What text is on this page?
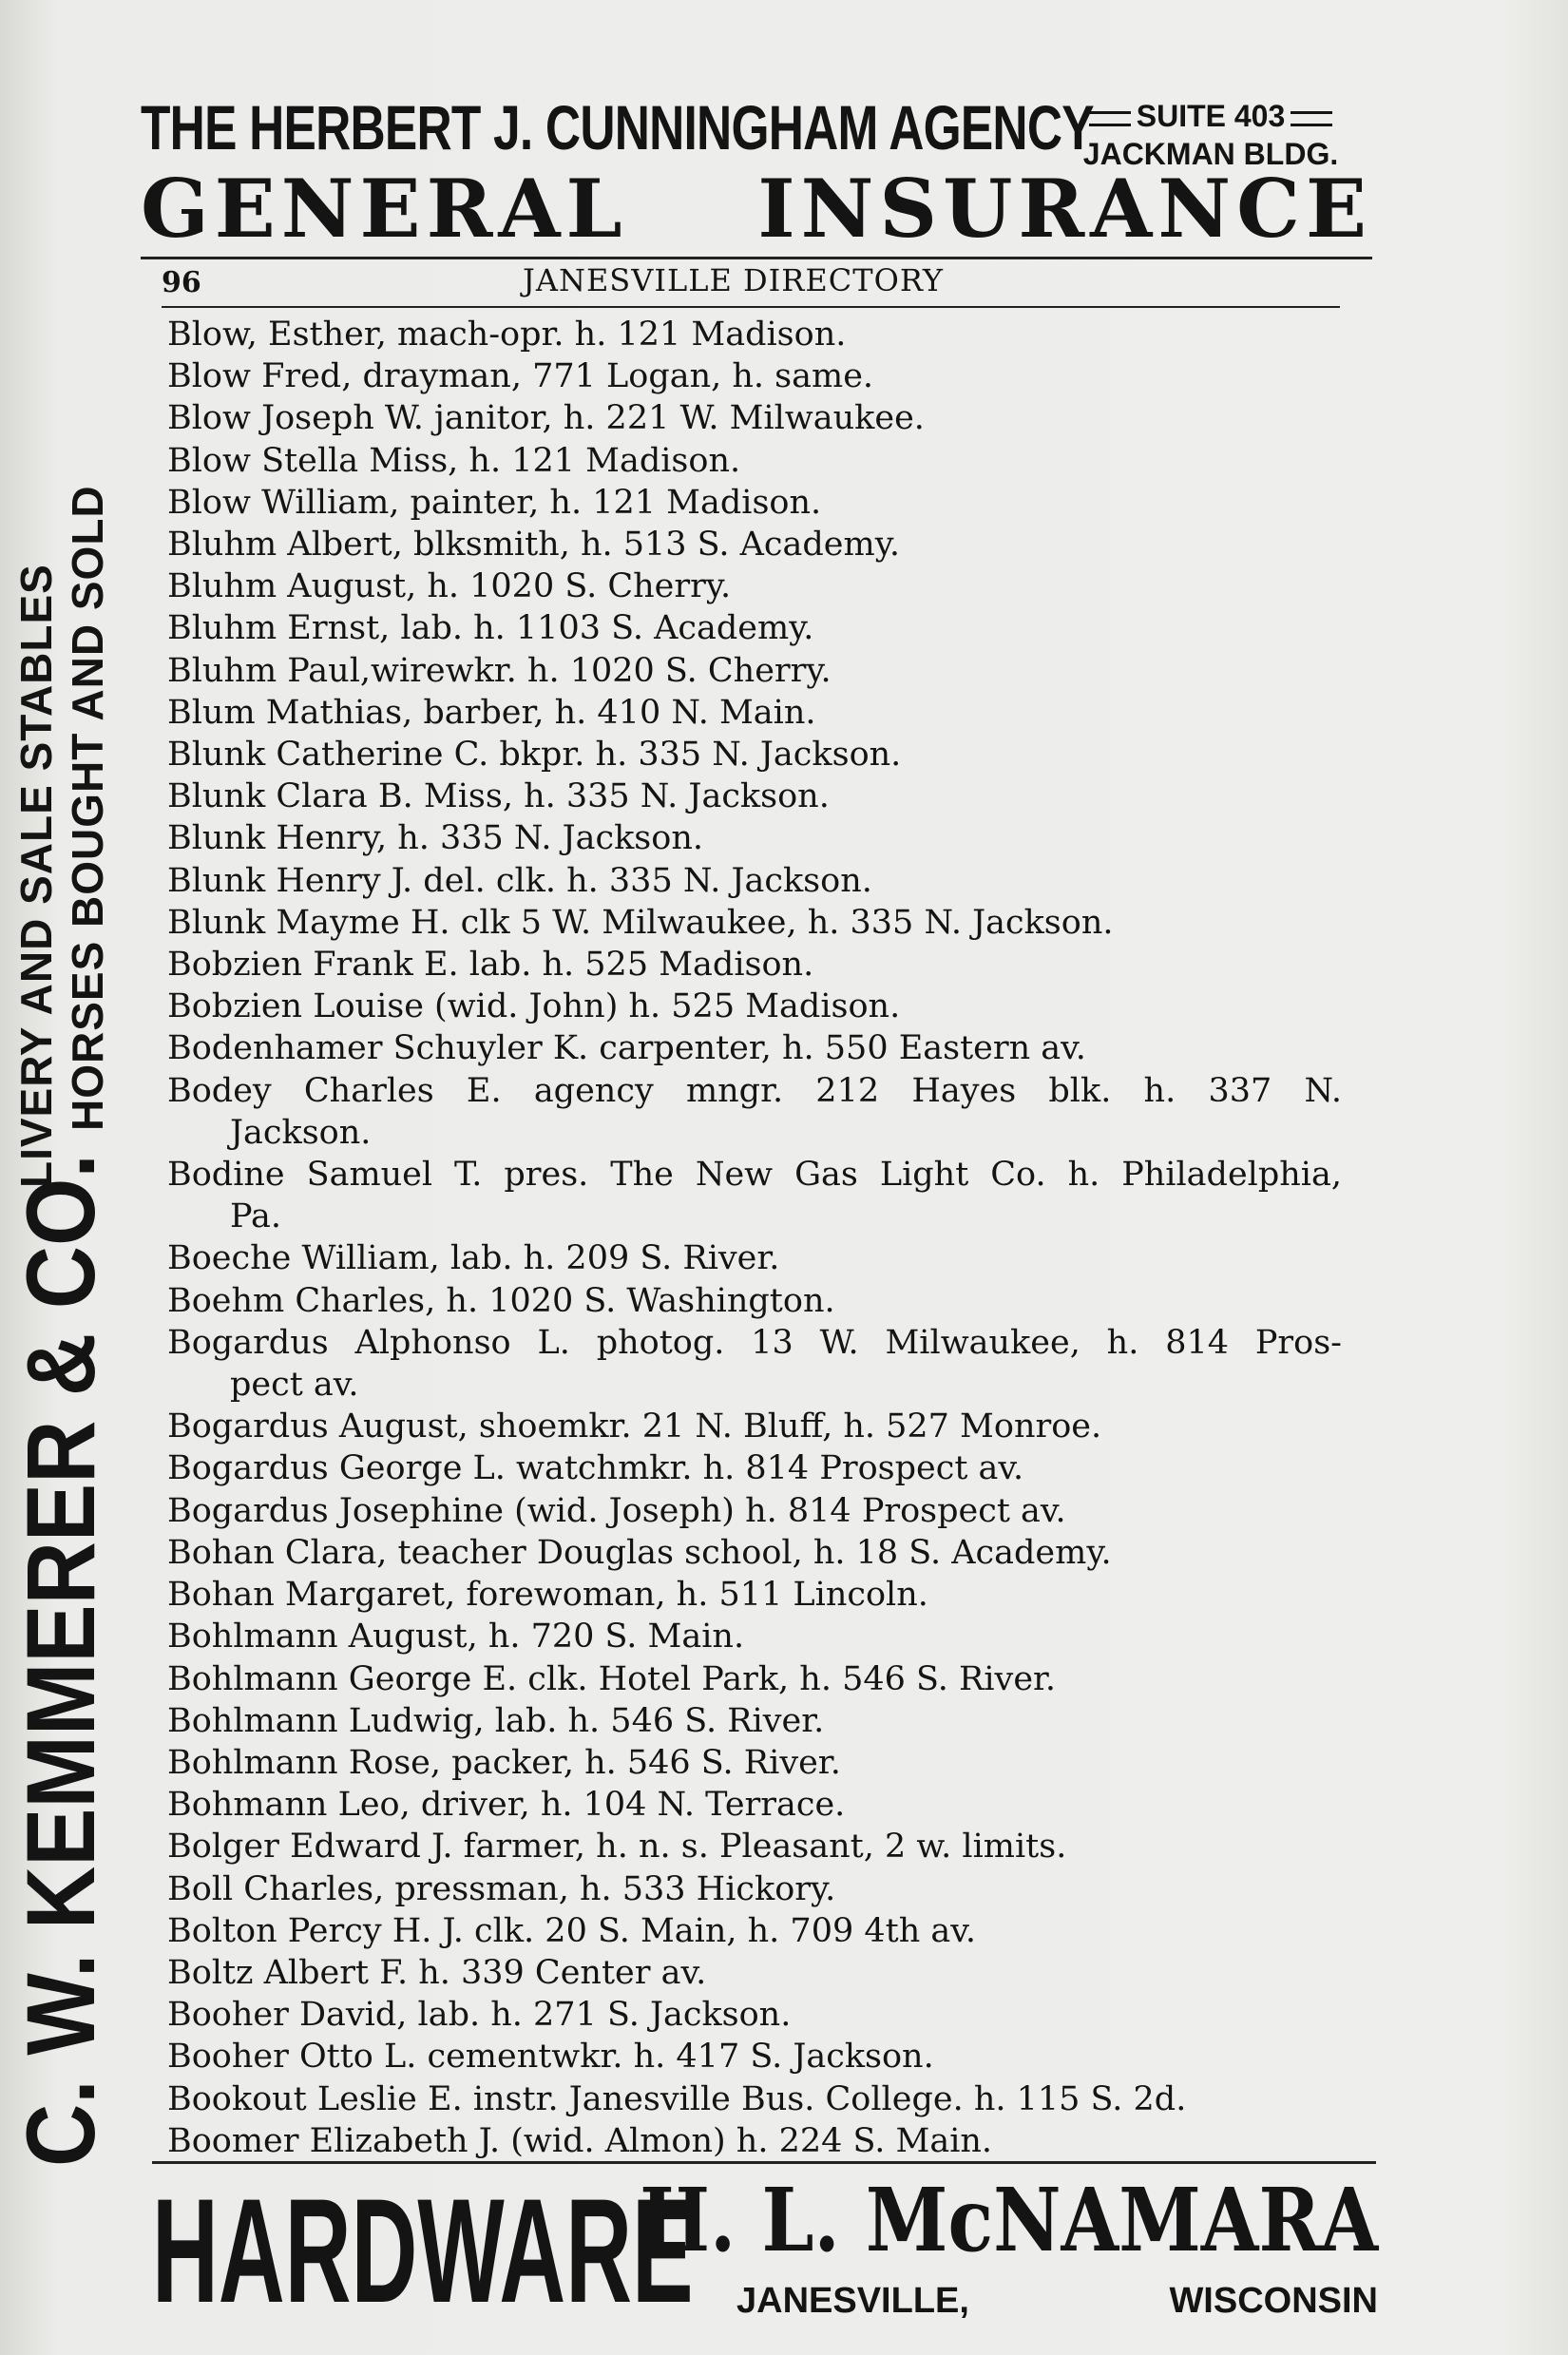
THE HERBERT J. CUNNINGHAM AGENCY	SUITE 403
JACKMAN BLDG.
GENERAL INSURANCE
96	JANESVILLE DIRECTORY
C. W. KEMMERER & CO.
LIVERY AND SALE STABLES HORSES BOUGHT AND SOLD
Blow, Esther, mach-opr. h. 121 Madison.
Blow Fred, drayman, 771 Logan, h. same.
Blow Joseph W. janitor, h. 221 W. Milwaukee.
Blow Stella Miss, h. 121 Madison.
Blow William, painter, h. 121 Madison.
Bluhm Albert, blksmith, h. 513 S. Academy.
Bluhm August, h. 1020 S. Cherry.
Bluhm Ernst, lab. h. 1103 S. Academy.
Bluhm Paul,wirewkr. h. 1020 S. Cherry.
Blum Mathias, barber, h. 410 N. Main.
Blunk Catherine C. bkpr. h. 335 N. Jackson.
Blunk Clara B. Miss, h. 335 N. Jackson.
Blunk Henry, h. 335 N. Jackson.
Blunk Henry J. del. clk. h. 335 N. Jackson.
Blunk Mayme H. clk 5 W. Milwaukee, h. 335 N. Jackson.
Bobzien Frank E. lab. h. 525 Madison.
Bobzien Louise (wid. John) h. 525 Madison.
Bodenhamer Schuyler K. carpenter, h. 550 Eastern av.
Bodey Charles E. agency mngr. 212 Hayes blk. h. 337 N.
Jackson.
Bodine Samuel T. pres. The New Gas Light Co. h. Philadelphia,
Pa.
Boeche William, lab. h. 209 S. River.
Boehm Charles, h. 1020 S. Washington.
Bogardus Alphonso L. photog. 13 W. Milwaukee, h. 814 Pros-
pect av.
Bogardus August, shoemkr. 21 N. Bluff, h. 527 Monroe.
Bogardus George L. watchmkr. h. 814 Prospect av.
Bogardus Josephine (wid. Joseph) h. 814 Prospect av.
Bohan Clara, teacher Douglas school, h. 18 S. Academy.
Bohan Margaret, forewoman, h. 511 Lincoln.
Bohlmann August, h. 720 S. Main.
Bohlmann George E. clk. Hotel Park, h. 546 S. River.
Bohlmann Ludwig, lab. h. 546 S. River.
Bohlmann Rose, packer, h. 546 S. River.
Bohmann Leo, driver, h. 104 N. Terrace.
Bolger Edward J. farmer, h. n. s. Pleasant, 2 w. limits.
Boll Charles, pressman, h. 533 Hickory.
Bolton Percy H. J. clk. 20 S. Main, h. 709 4th av.
Boltz Albert F. h. 339 Center av.
Booher David, lab. h. 271 S. Jackson.
Booher Otto L. cementwkr. h. 417 S. Jackson.
Bookout Leslie E. instr. Janesville Bus. College. h. 115 S. 2d.
Boomer Elizabeth J. (wid. Almon) h. 224 S. Main.
HARDWARE
H. L. McNAMARA
JANESVILLE,	WISCONSIN
